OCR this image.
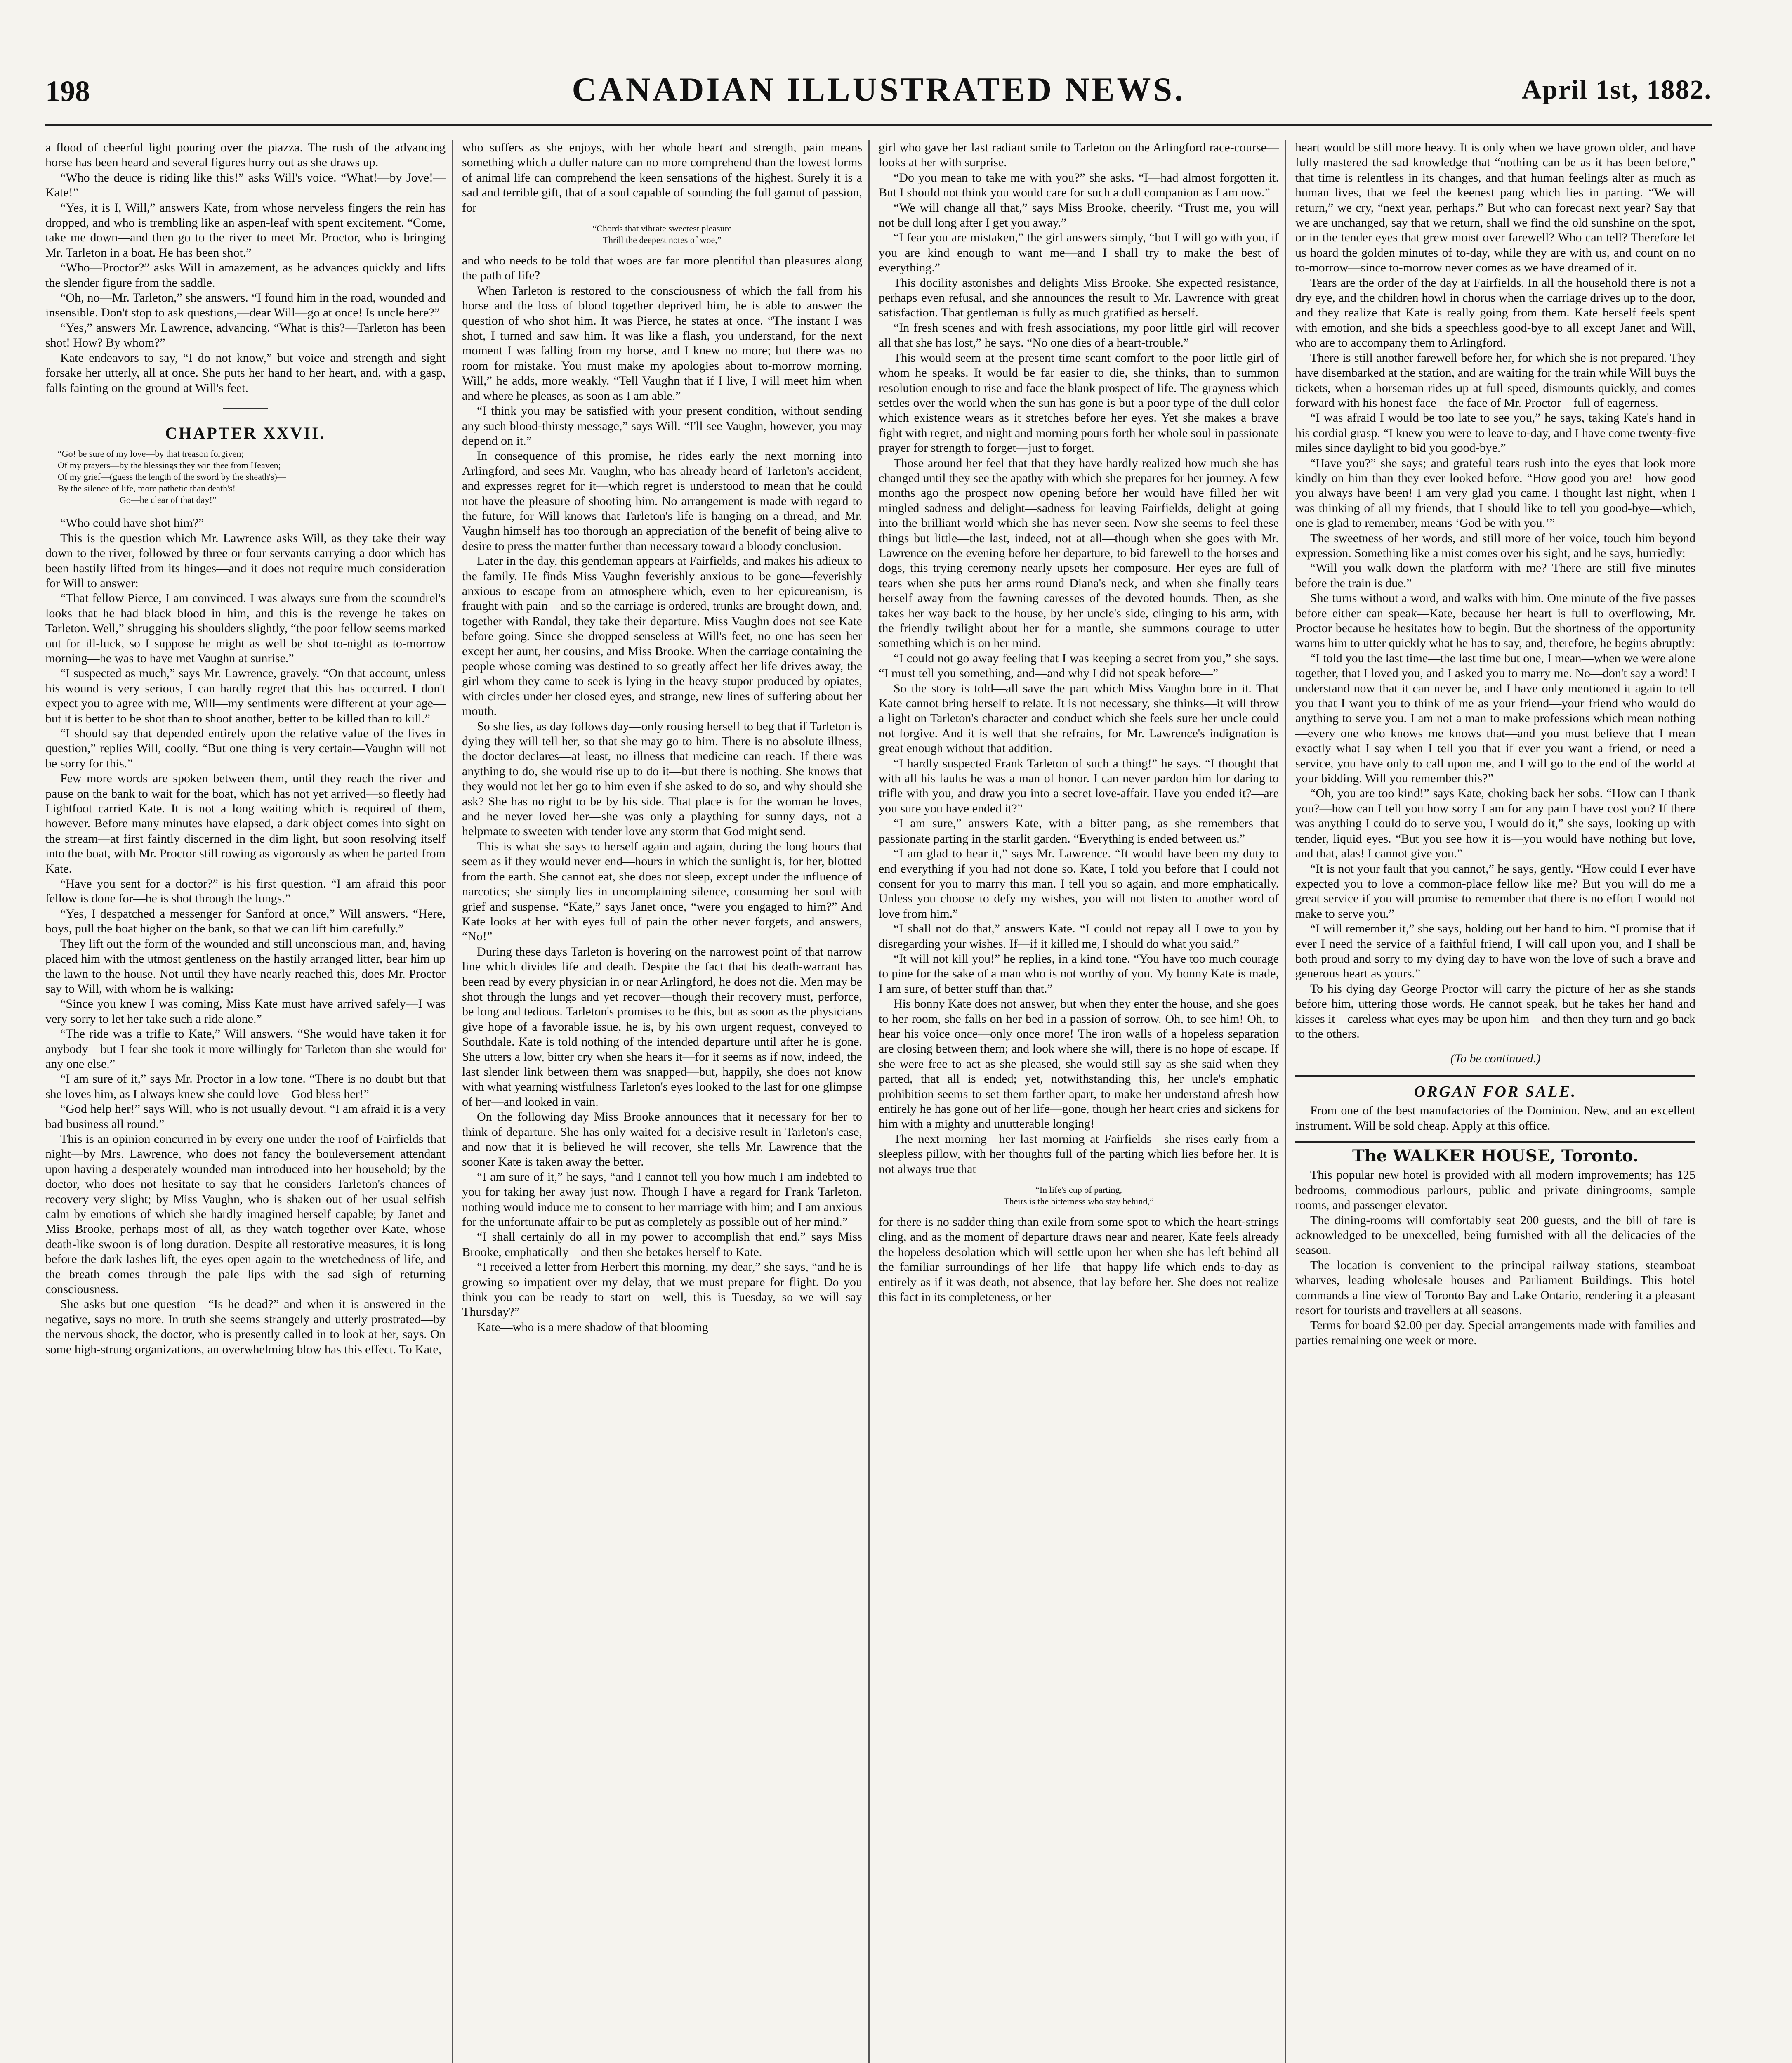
198	CANADIAN ILLUSTRATED NEWS.	April 1st, 1882.

a flood of cheerful light pouring over the piazza. The rush of the advancing horse has been heard and several figures hurry out as she draws up.

“Who the deuce is riding like this!” asks Will's voice. “What!—by Jove!—Kate!”

“Yes, it is I, Will,” answers Kate, from whose nerveless fingers the rein has dropped, and who is trembling like an aspen-leaf with spent excitement. “Come, take me down—and then go to the river to meet Mr. Proctor, who is bringing Mr. Tarleton in a boat. He has been shot.”

“Who—Proctor?” asks Will in amazement, as he advances quickly and lifts the slender figure from the saddle.

“Oh, no—Mr. Tarleton,” she answers. “I found him in the road, wounded and insensible. Don't stop to ask questions,—dear Will—go at once! Is uncle here?”

“Yes,” answers Mr. Lawrence, advancing. “What is this?—Tarleton has been shot! How? By whom?”

Kate endeavors to say, “I do not know,” but voice and strength and sight forsake her utterly, all at once. She puts her hand to her heart, and, with a gasp, falls fainting on the ground at Will's feet.

CHAPTER XXVII.
“Go! be sure of my love—by that treason forgiven;
Of my prayers—by the blessings they win thee from Heaven;
Of my grief—(guess the length of the sword by the sheath's)—
By the silence of life, more pathetic than death's!
Go—be clear of that day!”

“Who could have shot him?”

This is the question which Mr. Lawrence asks Will, as they take their way down to the river, followed by three or four servants carrying a door which has been hastily lifted from its hinges—and it does not require much consideration for Will to answer:

“That fellow Pierce, I am convinced. I was always sure from the scoundrel's looks that he had black blood in him, and this is the revenge he takes on Tarleton. Well,” shrugging his shoulders slightly, “the poor fellow seems marked out for ill-luck, so I suppose he might as well be shot to-night as to-morrow morning—he was to have met Vaughn at sunrise.”

“I suspected as much,” says Mr. Lawrence, gravely. “On that account, unless his wound is very serious, I can hardly regret that this has occurred. I don't expect you to agree with me, Will—my sentiments were different at your age—but it is better to be shot than to shoot another, better to be killed than to kill.”

“I should say that depended entirely upon the relative value of the lives in question,” replies Will, coolly. “But one thing is very certain—Vaughn will not be sorry for this.”

Few more words are spoken between them, until they reach the river and pause on the bank to wait for the boat, which has not yet arrived—so fleetly had Lightfoot carried Kate. It is not a long waiting which is required of them, however. Before many minutes have elapsed, a dark object comes into sight on the stream—at first faintly discerned in the dim light, but soon resolving itself into the boat, with Mr. Proctor still rowing as vigorously as when he parted from Kate.

“Have you sent for a doctor?” is his first question. “I am afraid this poor fellow is done for—he is shot through the lungs.”

“Yes, I despatched a messenger for Sanford at once,” Will answers. “Here, boys, pull the boat higher on the bank, so that we can lift him carefully.”

They lift out the form of the wounded and still unconscious man, and, having placed him with the utmost gentleness on the hastily arranged litter, bear him up the lawn to the house. Not until they have nearly reached this, does Mr. Proctor say to Will, with whom he is walking:

“Since you knew I was coming, Miss Kate must have arrived safely—I was very sorry to let her take such a ride alone.”

“The ride was a trifle to Kate,” Will answers. “She would have taken it for anybody—but I fear she took it more willingly for Tarleton than she would for any one else.”

“I am sure of it,” says Mr. Proctor in a low tone. “There is no doubt but that she loves him, as I always knew she could love—God bless her!”

“God help her!” says Will, who is not usually devout. “I am afraid it is a very bad business all round.”

This is an opinion concurred in by every one under the roof of Fairfields that night—by Mrs. Lawrence, who does not fancy the bouleversement attendant upon having a desperately wounded man introduced into her household; by the doctor, who does not hesitate to say that he considers Tarleton's chances of recovery very slight; by Miss Vaughn, who is shaken out of her usual selfish calm by emotions of which she hardly imagined herself capable; by Janet and Miss Brooke, perhaps most of all, as they watch together over Kate, whose death-like swoon is of long duration. Despite all restorative measures, it is long before the dark lashes lift, the eyes open again to the wretchedness of life, and the breath comes through the pale lips with the sad sigh of returning consciousness.

She asks but one question—“Is he dead?” and when it is answered in the negative, says no more. In truth she seems strangely and utterly prostrated—by the nervous shock, the doctor, who is presently called in to look at her, says. On some high-strung organizations, an overwhelming blow has this effect. To Kate,

who suffers as she enjoys, with her whole heart and strength, pain means something which a duller nature can no more comprehend than the lowest forms of animal life can comprehend the keen sensations of the highest. Surely it is a sad and terrible gift, that of a soul capable of sounding the full gamut of passion, for

“Chords that vibrate sweetest pleasure
Thrill the deepest notes of woe,”

and who needs to be told that woes are far more plentiful than pleasures along the path of life?

When Tarleton is restored to the consciousness of which the fall from his horse and the loss of blood together deprived him, he is able to answer the question of who shot him. It was Pierce, he states at once. “The instant I was shot, I turned and saw him. It was like a flash, you understand, for the next moment I was falling from my horse, and I knew no more; but there was no room for mistake. You must make my apologies about to-morrow morning, Will,” he adds, more weakly. “Tell Vaughn that if I live, I will meet him when and where he pleases, as soon as I am able.”

“I think you may be satisfied with your present condition, without sending any such blood-thirsty message,” says Will. “I'll see Vaughn, however, you may depend on it.”

In consequence of this promise, he rides early the next morning into Arlingford, and sees Mr. Vaughn, who has already heard of Tarleton's accident, and expresses regret for it—which regret is understood to mean that he could not have the pleasure of shooting him. No arrangement is made with regard to the future, for Will knows that Tarleton's life is hanging on a thread, and Mr. Vaughn himself has too thorough an appreciation of the benefit of being alive to desire to press the matter further than necessary toward a bloody conclusion.

Later in the day, this gentleman appears at Fairfields, and makes his adieux to the family. He finds Miss Vaughn feverishly anxious to be gone—feverishly anxious to escape from an atmosphere which, even to her epicureanism, is fraught with pain—and so the carriage is ordered, trunks are brought down, and, together with Randal, they take their departure. Miss Vaughn does not see Kate before going. Since she dropped senseless at Will's feet, no one has seen her except her aunt, her cousins, and Miss Brooke. When the carriage containing the people whose coming was destined to so greatly affect her life drives away, the girl whom they came to seek is lying in the heavy stupor produced by opiates, with circles under her closed eyes, and strange, new lines of suffering about her mouth.

So she lies, as day follows day—only rousing herself to beg that if Tarleton is dying they will tell her, so that she may go to him. There is no absolute illness, the doctor declares—at least, no illness that medicine can reach. If there was anything to do, she would rise up to do it—but there is nothing. She knows that they would not let her go to him even if she asked to do so, and why should she ask? She has no right to be by his side. That place is for the woman he loves, and he never loved her—she was only a plaything for sunny days, not a helpmate to sweeten with tender love any storm that God might send.

This is what she says to herself again and again, during the long hours that seem as if they would never end—hours in which the sunlight is, for her, blotted from the earth. She cannot eat, she does not sleep, except under the influence of narcotics; she simply lies in uncomplaining silence, consuming her soul with grief and suspense. “Kate,” says Janet once, “were you engaged to him?” And Kate looks at her with eyes full of pain the other never forgets, and answers, “No!”

During these days Tarleton is hovering on the narrowest point of that narrow line which divides life and death. Despite the fact that his death-warrant has been read by every physician in or near Arlingford, he does not die. Men may be shot through the lungs and yet recover—though their recovery must, perforce, be long and tedious. Tarleton's promises to be this, but as soon as the physicians give hope of a favorable issue, he is, by his own urgent request, conveyed to Southdale. Kate is told nothing of the intended departure until after he is gone. She utters a low, bitter cry when she hears it—for it seems as if now, indeed, the last slender link between them was snapped—but, happily, she does not know with what yearning wistfulness Tarleton's eyes looked to the last for one glimpse of her—and looked in vain.

On the following day Miss Brooke announces that it necessary for her to think of departure. She has only waited for a decisive result in Tarleton's case, and now that it is believed he will recover, she tells Mr. Lawrence that the sooner Kate is taken away the better.

“I am sure of it,” he says, “and I cannot tell you how much I am indebted to you for taking her away just now. Though I have a regard for Frank Tarleton, nothing would induce me to consent to her marriage with him; and I am anxious for the unfortunate affair to be put as completely as possible out of her mind.”

“I shall certainly do all in my power to accomplish that end,” says Miss Brooke, emphatically—and then she betakes herself to Kate.

“I received a letter from Herbert this morning, my dear,” she says, “and he is growing so impatient over my delay, that we must prepare for flight. Do you think you can be ready to start on—well, this is Tuesday, so we will say Thursday?”

Kate—who is a mere shadow of that blooming

girl who gave her last radiant smile to Tarleton on the Arlingford race-course—looks at her with surprise.

“Do you mean to take me with you?” she asks. “I—had almost forgotten it. But I should not think you would care for such a dull companion as I am now.”

“We will change all that,” says Miss Brooke, cheerily. “Trust me, you will not be dull long after I get you away.”

“I fear you are mistaken,” the girl answers simply, “but I will go with you, if you are kind enough to want me—and I shall try to make the best of everything.”

This docility astonishes and delights Miss Brooke. She expected resistance, perhaps even refusal, and she announces the result to Mr. Lawrence with great satisfaction. That gentleman is fully as much gratified as herself.

“In fresh scenes and with fresh associations, my poor little girl will recover all that she has lost,” he says. “No one dies of a heart-trouble.”

This would seem at the present time scant comfort to the poor little girl of whom he speaks. It would be far easier to die, she thinks, than to summon resolution enough to rise and face the blank prospect of life. The grayness which settles over the world when the sun has gone is but a poor type of the dull color which existence wears as it stretches before her eyes. Yet she makes a brave fight with regret, and night and morning pours forth her whole soul in passionate prayer for strength to forget—just to forget.

Those around her feel that that they have hardly realized how much she has changed until they see the apathy with which she prepares for her journey. A few months ago the prospect now opening before her would have filled her wit mingled sadness and delight—sadness for leaving Fairfields, delight at going into the brilliant world which she has never seen. Now she seems to feel these things but little—the last, indeed, not at all—though when she goes with Mr. Lawrence on the evening before her departure, to bid farewell to the horses and dogs, this trying ceremony nearly upsets her composure. Her eyes are full of tears when she puts her arms round Diana's neck, and when she finally tears herself away from the fawning caresses of the devoted hounds. Then, as she takes her way back to the house, by her uncle's side, clinging to his arm, with the friendly twilight about her for a mantle, she summons courage to utter something which is on her mind.

“I could not go away feeling that I was keeping a secret from you,” she says. “I must tell you something, and—and why I did not speak before—”

So the story is told—all save the part which Miss Vaughn bore in it. That Kate cannot bring herself to relate. It is not necessary, she thinks—it will throw a light on Tarleton's character and conduct which she feels sure her uncle could not forgive. And it is well that she refrains, for Mr. Lawrence's indignation is great enough without that addition.

“I hardly suspected Frank Tarleton of such a thing!” he says. “I thought that with all his faults he was a man of honor. I can never pardon him for daring to trifle with you, and draw you into a secret love-affair. Have you ended it?—are you sure you have ended it?”

“I am sure,” answers Kate, with a bitter pang, as she remembers that passionate parting in the starlit garden. “Everything is ended between us.”

“I am glad to hear it,” says Mr. Lawrence. “It would have been my duty to end everything if you had not done so. Kate, I told you before that I could not consent for you to marry this man. I tell you so again, and more emphatically. Unless you choose to defy my wishes, you will not listen to another word of love from him.”

“I shall not do that,” answers Kate. “I could not repay all I owe to you by disregarding your wishes. If—if it killed me, I should do what you said.”

“It will not kill you!” he replies, in a kind tone. “You have too much courage to pine for the sake of a man who is not worthy of you. My bonny Kate is made, I am sure, of better stuff than that.”

His bonny Kate does not answer, but when they enter the house, and she goes to her room, she falls on her bed in a passion of sorrow. Oh, to see him! Oh, to hear his voice once—only once more! The iron walls of a hopeless separation are closing between them; and look where she will, there is no hope of escape. If she were free to act as she pleased, she would still say as she said when they parted, that all is ended; yet, notwithstanding this, her uncle's emphatic prohibition seems to set them farther apart, to make her understand afresh how entirely he has gone out of her life—gone, though her heart cries and sickens for him with a mighty and unutterable longing!

The next morning—her last morning at Fairfields—she rises early from a sleepless pillow, with her thoughts full of the parting which lies before her. It is not always true that

“In life's cup of parting,
Theirs is the bitterness who stay behind,”

for there is no sadder thing than exile from some spot to which the heart-strings cling, and as the moment of departure draws near and nearer, Kate feels already the hopeless desolation which will settle upon her when she has left behind all the familiar surroundings of her life—that happy life which ends to-day as entirely as if it was death, not absence, that lay before her. She does not realize this fact in its completeness, or her

heart would be still more heavy. It is only when we have grown older, and have fully mastered the sad knowledge that “nothing can be as it has been before,” that time is relentless in its changes, and that human feelings alter as much as human lives, that we feel the keenest pang which lies in parting. “We will return,” we cry, “next year, perhaps.” But who can forecast next year? Say that we are unchanged, say that we return, shall we find the old sunshine on the spot, or in the tender eyes that grew moist over farewell? Who can tell? Therefore let us hoard the golden minutes of to-day, while they are with us, and count on no to-morrow—since to-morrow never comes as we have dreamed of it.

Tears are the order of the day at Fairfields. In all the household there is not a dry eye, and the children howl in chorus when the carriage drives up to the door, and they realize that Kate is really going from them. Kate herself feels spent with emotion, and she bids a speechless good-bye to all except Janet and Will, who are to accompany them to Arlingford.

There is still another farewell before her, for which she is not prepared. They have disembarked at the station, and are waiting for the train while Will buys the tickets, when a horseman rides up at full speed, dismounts quickly, and comes forward with his honest face—the face of Mr. Proctor—full of eagerness.

“I was afraid I would be too late to see you,” he says, taking Kate's hand in his cordial grasp. “I knew you were to leave to-day, and I have come twenty-five miles since daylight to bid you good-bye.”

“Have you?” she says; and grateful tears rush into the eyes that look more kindly on him than they ever looked before. “How good you are!—how good you always have been! I am very glad you came. I thought last night, when I was thinking of all my friends, that I should like to tell you good-bye—which, one is glad to remember, means ‘God be with you.’”

The sweetness of her words, and still more of her voice, touch him beyond expression. Something like a mist comes over his sight, and he says, hurriedly:

“Will you walk down the platform with me? There are still five minutes before the train is due.”

She turns without a word, and walks with him. One minute of the five passes before either can speak—Kate, because her heart is full to overflowing, Mr. Proctor because he hesitates how to begin. But the shortness of the opportunity warns him to utter quickly what he has to say, and, therefore, he begins abruptly:

“I told you the last time—the last time but one, I mean—when we were alone together, that I loved you, and I asked you to marry me. No—don't say a word! I understand now that it can never be, and I have only mentioned it again to tell you that I want you to think of me as your friend—your friend who would do anything to serve you. I am not a man to make professions which mean nothing—every one who knows me knows that—and you must believe that I mean exactly what I say when I tell you that if ever you want a friend, or need a service, you have only to call upon me, and I will go to the end of the world at your bidding. Will you remember this?”

“Oh, you are too kind!” says Kate, choking back her sobs. “How can I thank you?—how can I tell you how sorry I am for any pain I have cost you? If there was anything I could do to serve you, I would do it,” she says, looking up with tender, liquid eyes. “But you see how it is—you would have nothing but love, and that, alas! I cannot give you.”

“It is not your fault that you cannot,” he says, gently. “How could I ever have expected you to love a common-place fellow like me? But you will do me a great service if you will promise to remember that there is no effort I would not make to serve you.”

“I will remember it,” she says, holding out her hand to him. “I promise that if ever I need the service of a faithful friend, I will call upon you, and I shall be both proud and sorry to my dying day to have won the love of such a brave and generous heart as yours.”

To his dying day George Proctor will carry the picture of her as she stands before him, uttering those words. He cannot speak, but he takes her hand and kisses it—careless what eyes may be upon him—and then they turn and go back to the others.

(To be continued.)
ORGAN FOR SALE.

From one of the best manufactories of the Dominion. New, and an excellent instrument. Will be sold cheap. Apply at this office.

The WALKER HOUSE, Toronto.

This popular new hotel is provided with all modern improvements; has 125 bedrooms, commodious parlours, public and private diningrooms, sample rooms, and passenger elevator.

The dining-rooms will comfortably seat 200 guests, and the bill of fare is acknowledged to be unexcelled, being furnished with all the delicacies of the season.

The location is convenient to the principal railway stations, steamboat wharves, leading wholesale houses and Parliament Buildings. This hotel commands a fine view of Toronto Bay and Lake Ontario, rendering it a pleasant resort for tourists and travellers at all seasons.

Terms for board $2.00 per day. Special arrangements made with families and parties remaining one week or more.
